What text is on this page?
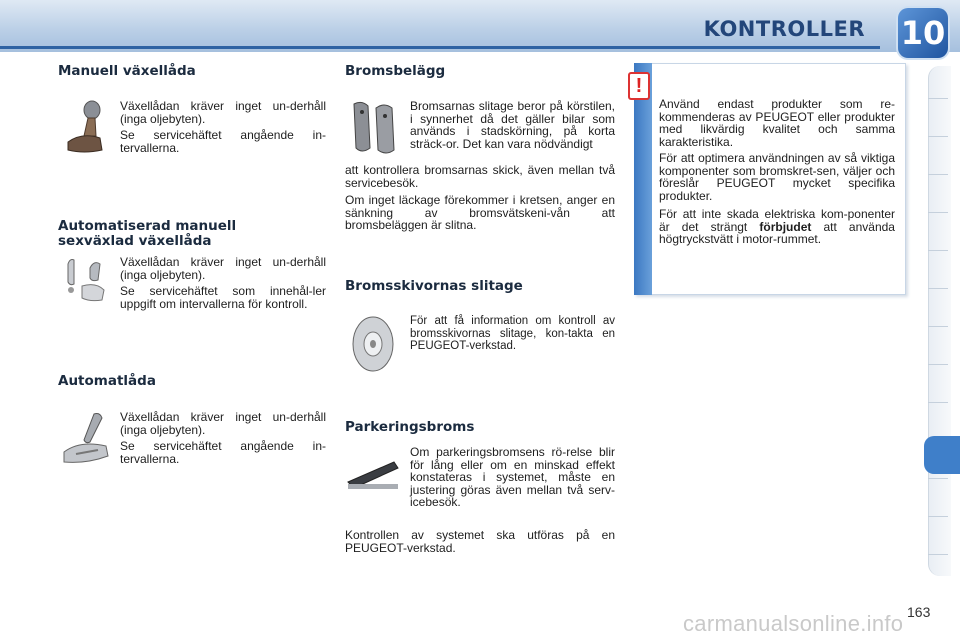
KONTROLLER 10
Manuell växellåda

Växellådan kräver inget un-derhåll (inga oljebyten).

Se servicehäftet angående in-tervallerna.

Automatiserad manuell
sexväxlad växellåda

Växellådan kräver inget un-derhåll (inga oljebyten).

Se servicehäftet som innehål-ler uppgift om intervallerna för kontroll.

Automatlåda

Växellådan kräver inget un-derhåll (inga oljebyten).

Se servicehäftet angående in-tervallerna.

Bromsbelägg

Bromsarnas slitage beror på körstilen, i synnerhet då det gäller bilar som används i stadskörning, på korta sträck-or. Det kan vara nödvändigt

att kontrollera bromsarnas skick, även mellan två servicebesök.

Om inget läckage förekommer i kretsen, anger en sänkning av bromsvätskeni-vån att bromsbeläggen är slitna.

Bromsskivornas slitage

För att få information om kontroll av bromsskivornas slitage, kon-takta en PEUGEOT-verkstad.

Parkeringsbroms

Om parkeringsbromsens rö-relse blir för lång eller om en minskad effekt konstateras i systemet, måste en justering göras även mellan två serv-icebesök.

Kontrollen av systemet ska utföras på en PEUGEOT-verkstad.

!

Använd endast produkter som re-kommenderas av PEUGEOT eller produkter med likvärdig kvalitet och samma karakteristika.

För att optimera användningen av så viktiga komponenter som bromskret-sen, väljer och föreslår PEUGEOT mycket specifika produkter.

För att inte skada elektriska kom-ponenter är det strängt förbjudet att använda högtryckstvätt i motor-rummet.

163
carmanualsonline.info
